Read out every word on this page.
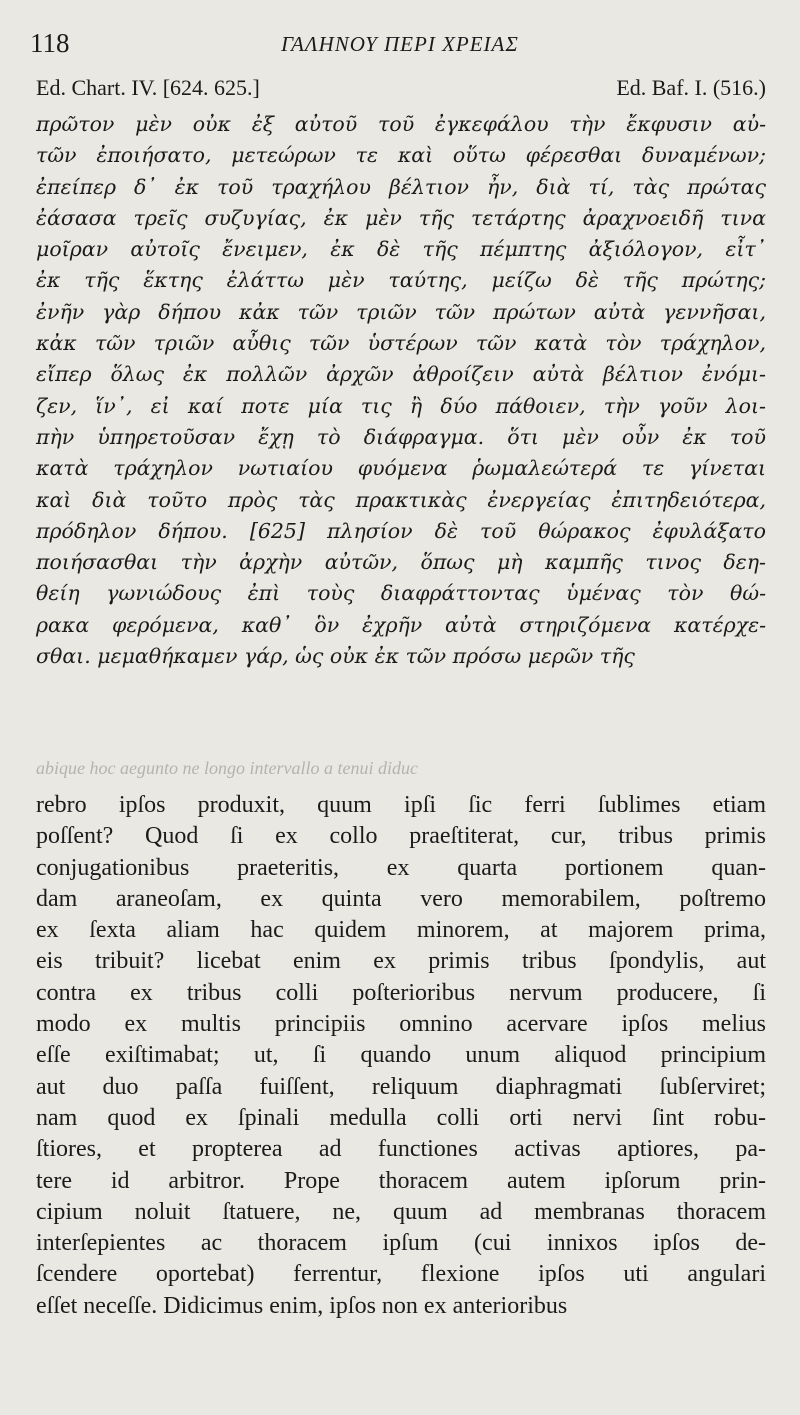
118	ΓΑΛΗΝΟΥ ΠΕΡΙ ΧΡΕΙΑΣ
Ed. Chart. IV. [624. 625.]	Ed. Baf. I. (516.)
πρῶτον μὲν οὐκ ἐξ αὐτοῦ τοῦ ἐγκεφάλου τὴν ἔκφυσιν αὐ-
τῶν ἐποιήσατο, μετεώρων τε καὶ οὕτω φέρεσθαι δυναμένων;
ἐπείπερ δ᾽ ἐκ τοῦ τραχήλου βέλτιον ἦν, διὰ τί, τὰς πρώτας
ἐάσασα τρεῖς συζυγίας, ἐκ μὲν τῆς τετάρτης ἀραχνοειδῆ τινα
μοῖραν αὐτοῖς ἔνειμεν, ἐκ δὲ τῆς πέμπτης ἀξιόλογον, εἶτ᾽
ἐκ τῆς ἕκτης ἐλάττω μὲν ταύτης, μείζω δὲ τῆς πρώτης;
ἐνῆν γὰρ δήπου κἀκ τῶν τριῶν τῶν πρώτων αὐτὰ γεννῆσαι,
κἀκ τῶν τριῶν αὖθις τῶν ὑστέρων τῶν κατὰ τὸν τράχηλον,
εἴπερ ὅλως ἐκ πολλῶν ἀρχῶν ἀθροίζειν αὐτὰ βέλτιον ἐνόμι-
ζεν, ἵν᾽, εἰ καί ποτε μία τις ἢ δύο πάθοιεν, τὴν γοῦν λοι-
πὴν ὑπηρετοῦσαν ἔχῃ τὸ διάφραγμα. ὅτι μὲν οὖν ἐκ τοῦ
κατὰ τράχηλον νωτιαίου φυόμενα ῥωμαλεώτερά τε γίνεται
καὶ διὰ τοῦτο πρὸς τὰς πρακτικὰς ἐνεργείας ἐπιτηδειότερα,
πρόδηλον δήπου. [625] πλησίον δὲ τοῦ θώρακος ἐφυλάξατο
ποιήσασθαι τὴν ἀρχὴν αὐτῶν, ὅπως μὴ καμπῆς τινος δεη-
θείη γωνιώδους ἐπὶ τοὺς διαφράττοντας ὑμένας τὸν θώ-
ρακα φερόμενα, καθ᾽ ὃν ἐχρῆν αὐτὰ στηριζόμενα κατέρχε-
σθαι. μεμαθήκαμεν γάρ, ὡς οὐκ ἐκ τῶν πρόσω μερῶν τῆς
abique hoc aegunto ne longo intervallo a tenui diduc
rebro ipſos produxit, quum ipſi ſic ferri ſublimes etiam
poſſent? Quod ſi ex collo praeſtiterat, cur, tribus primis
conjugationibus praeteritis, ex quarta portionem quan-
dam araneoſam, ex quinta vero memorabilem, poſtremo
ex ſexta aliam hac quidem minorem, at majorem prima,
eis tribuit? licebat enim ex primis tribus ſpondylis, aut
contra ex tribus colli poſterioribus nervum producere, ſi
modo ex multis principiis omnino acervare ipſos melius
eſſe exiſtimabat; ut, ſi quando unum aliquod principium
aut duo paſſa fuiſſent, reliquum diaphragmati ſubſerviret;
nam quod ex ſpinali medulla colli orti nervi ſint robu-
ſtiores, et propterea ad functiones activas aptiores, pa-
tere id arbitror. Prope thoracem autem ipſorum prin-
cipium noluit ſtatuere, ne, quum ad membranas thoracem
interſepientes ac thoracem ipſum (cui innixos ipſos de-
ſcendere oportebat) ferrentur, flexione ipſos uti angulari
eſſet neceſſe. Didicimus enim, ipſos non ex anterioribus
